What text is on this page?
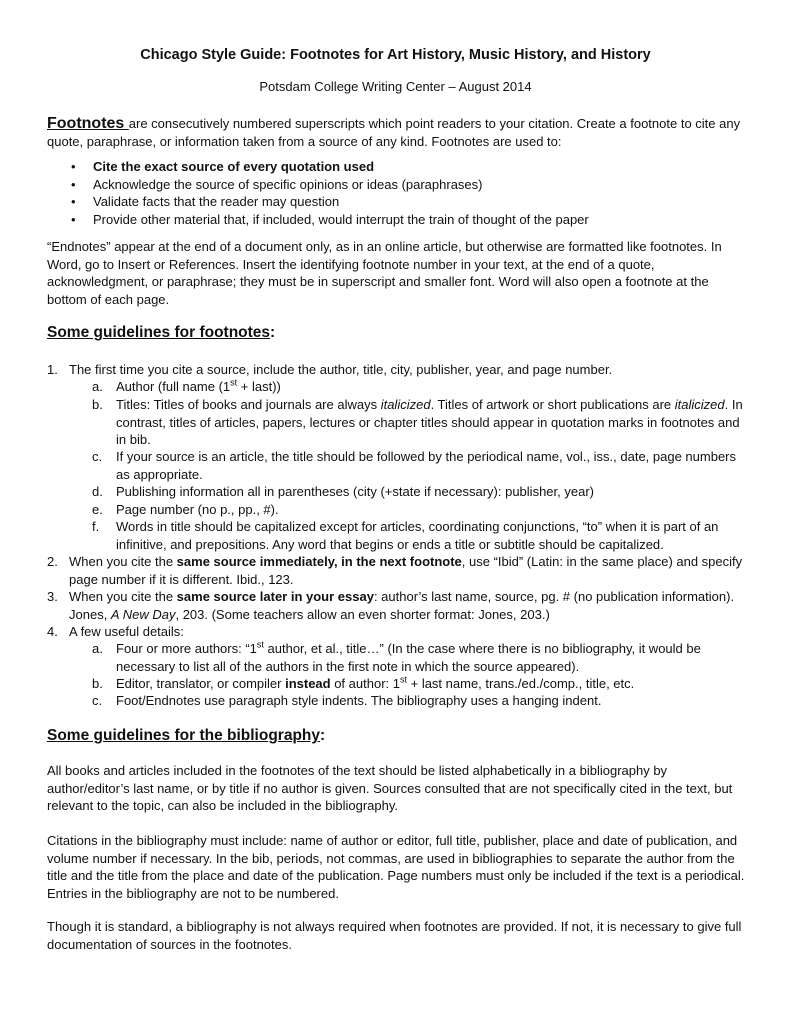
Chicago Style Guide: Footnotes for Art History, Music History, and History
Potsdam College Writing Center – August 2014
Footnotes are consecutively numbered superscripts which point readers to your citation. Create a footnote to cite any quote, paraphrase, or information taken from a source of any kind. Footnotes are used to:
• Cite the exact source of every quotation used
• Acknowledge the source of specific opinions or ideas (paraphrases)
• Validate facts that the reader may question
• Provide other material that, if included, would interrupt the train of thought of the paper
“Endnotes” appear at the end of a document only, as in an online article, but otherwise are formatted like footnotes. In Word, go to Insert or References. Insert the identifying footnote number in your text, at the end of a quote, acknowledgment, or paraphrase; they must be in superscript and smaller font. Word will also open a footnote at the bottom of each page.
Some guidelines for footnotes:
1. The first time you cite a source, include the author, title, city, publisher, year, and page number.
a. Author (full name (1st + last))
b. Titles: Titles of books and journals are always italicized. Titles of artwork or short publications are italicized. In contrast, titles of articles, papers, lectures or chapter titles should appear in quotation marks in footnotes and in bib.
c. If your source is an article, the title should be followed by the periodical name, vol., iss., date, page numbers as appropriate.
d. Publishing information all in parentheses (city (+state if necessary): publisher, year)
e. Page number (no p., pp., #).
f. Words in title should be capitalized except for articles, coordinating conjunctions, “to” when it is part of an infinitive, and prepositions. Any word that begins or ends a title or subtitle should be capitalized.
2. When you cite the same source immediately, in the next footnote, use “Ibid” (Latin: in the same place) and specify page number if it is different. Ibid., 123.
3. When you cite the same source later in your essay: author’s last name, source, pg. # (no publication information). Jones, A New Day, 203. (Some teachers allow an even shorter format: Jones, 203.)
4. A few useful details:
a. Four or more authors: “1st author, et al., title…” (In the case where there is no bibliography, it would be necessary to list all of the authors in the first note in which the source appeared).
b. Editor, translator, or compiler instead of author: 1st + last name, trans./ed./comp., title, etc.
c. Foot/Endnotes use paragraph style indents. The bibliography uses a hanging indent.
Some guidelines for the bibliography:
All books and articles included in the footnotes of the text should be listed alphabetically in a bibliography by author/editor’s last name, or by title if no author is given. Sources consulted that are not specifically cited in the text, but relevant to the topic, can also be included in the bibliography.
Citations in the bibliography must include: name of author or editor, full title, publisher, place and date of publication, and volume number if necessary. In the bib, periods, not commas, are used in bibliographies to separate the author from the title and the title from the place and date of the publication. Page numbers must only be included if the text is a periodical. Entries in the bibliography are not to be numbered.
Though it is standard, a bibliography is not always required when footnotes are provided. If not, it is necessary to give full documentation of sources in the footnotes.
